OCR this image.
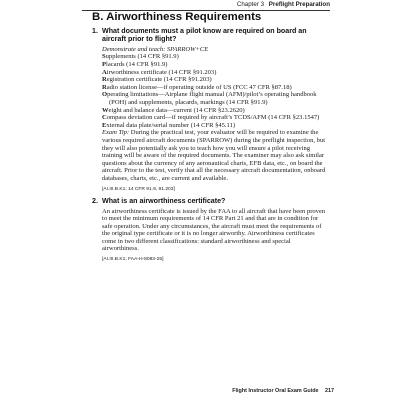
Chapter 3 Preflight Preparation
B. Airworthiness Requirements
1. What documents must a pilot know are required on board an aircraft prior to flight?
Demonstrate and teach: SPARROW+CE
Supplements (14 CFR §91.9)
Placards (14 CFR §91.9)
Airworthiness certificate (14 CFR §91.203)
Registration certificate (14 CFR §91.203)
Radio station license—if operating outside of US (FCC 47 CFR §87.18)
Operating limitations—Airplane flight manual (AFM)/pilot’s operating handbook (POH) and supplements, placards, markings (14 CFR §91.9)
Weight and balance data—current (14 CFR §23.2620)
Compass deviation card—if required by aircraft’s TCDS/AFM (14 CFR §23.1547)
External data plate/serial number (14 CFR §45.11)

Exam Tip: During the practical test, your evaluator will be required to examine the various required aircraft documents (SPARROW) during the preflight inspection, but they will also potentially ask you to teach how you will ensure a pilot receiving training will be aware of the required documents. The examiner may also ask similar questions about the currency of any aeronautical charts, EFB data, etc., on board the aircraft. Prior to the test, verify that all the necessary aircraft documentation, onboard databases, charts, etc., are current and available.

[AI.III.B.K1; 14 CFR 91.9, 91.203]
2. What is an airworthiness certificate?

An airworthiness certificate is issued by the FAA to all aircraft that have been proven to meet the minimum requirements of 14 CFR Part 21 and that are in condition for safe operation. Under any circumstances, the aircraft must meet the requirements of the original type certificate or it is no longer airworthy. Airworthiness certificates come in two different classifications: standard airworthiness and special airworthiness.

[AI.III.B.K1; FAA-H-8083-25]
Flight Instructor Oral Exam Guide 217
